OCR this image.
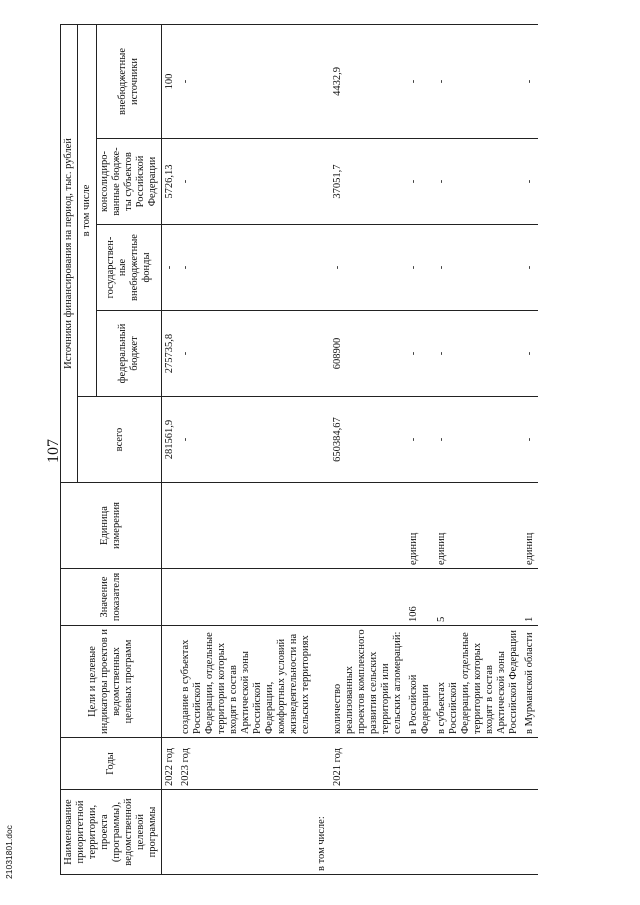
107
21031801.doc	Наименование приоритетной территории, проекта (программы), ведомственной целевой программы	Годы	Цели и целевые индикаторы проектов и ведомственных целевых программ	Значение показателя	Единица измерения	Источники финансирования на период, тыс. рублей				
					всего	в том числе			
						федеральный бюджет	государствен-ные внебюджетные фонды	консолидиро-ванные бюдже-ты субъектов Российской Федерации	внебюджетные источники
	2022 год				281561,9	275735,8	-	5726,13	100
	2023 год	создание в субъектах Российской Федерации, отдельные территории которых входят в состав Арктической зоны Российской Федерации, комфортных условий жизнедеятельности на сельских территориях			-	-	-	-	-
в том числе:									
	2021 год	количество реализованных проектов комплексного развития сельских территорий или сельских агломераций:			650384,67	608900	-	37051,7	4432,9
		в Российской Федерации	106	единиц	-	-	-	-	-
		в субъектах Российской Федерации, отдельные территории которых входят в состав Арктической зоны Российской Федерации	5	единиц	-	-	-	-	-
		в Мурманской области	1	единиц	-	-	-	-	-
